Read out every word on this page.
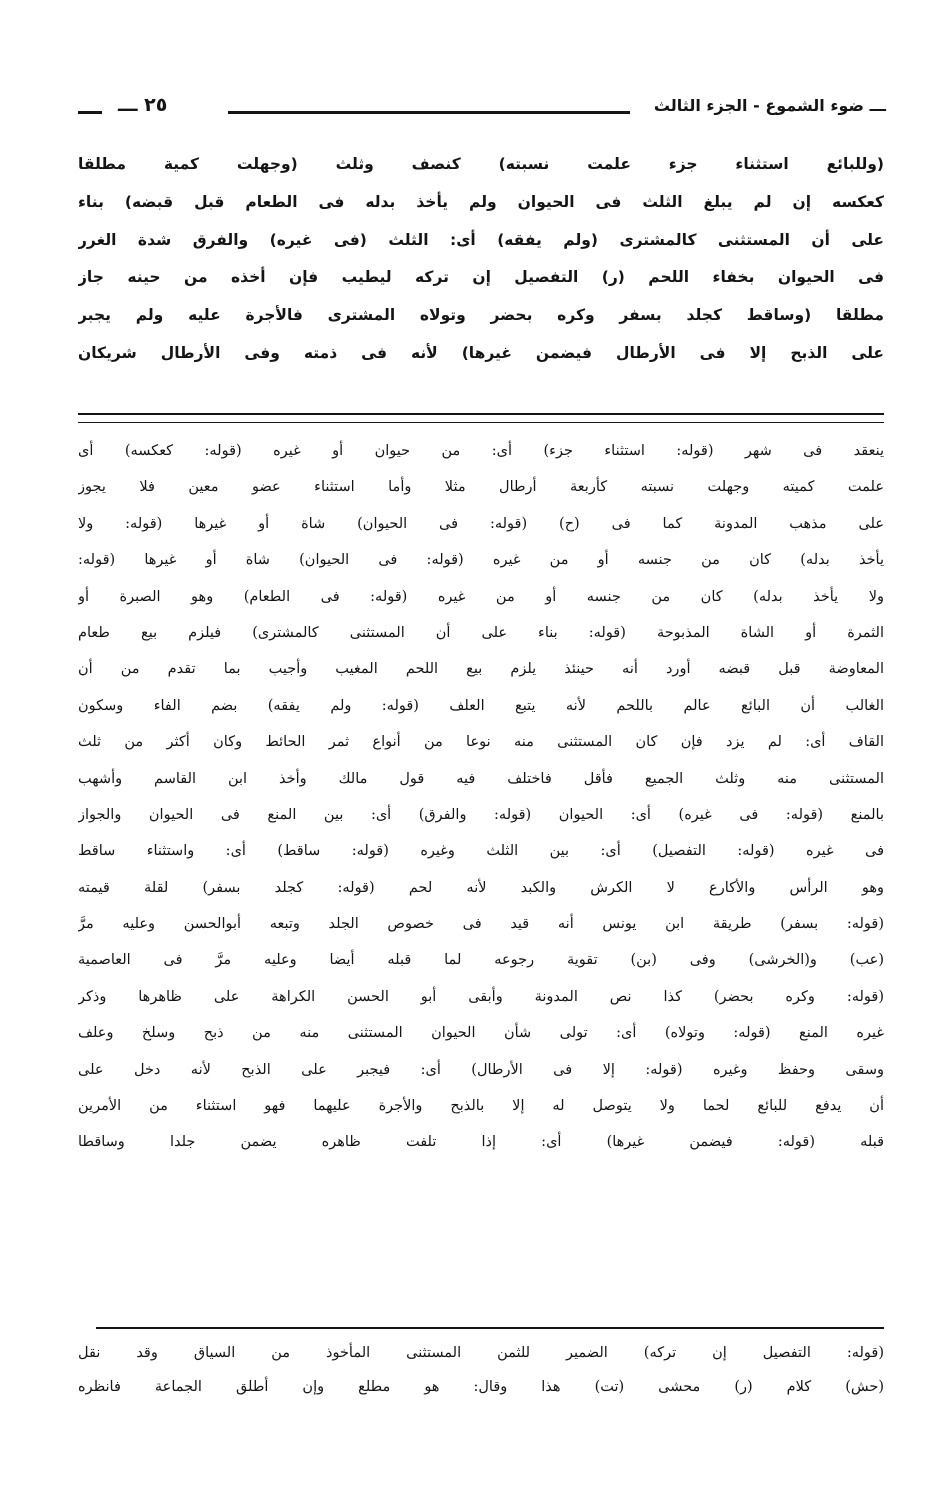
ـــ ضوء الشموع - الجزء الثالث
٢٥ ـــ
(وللبائع استثناء جزء علمت نسبته) كنصف وثلث (وجهلت كمية مطلقا
كعكسه إن لم يبلغ الثلث فى الحيوان ولم يأخذ بدله فى الطعام قبل قبضه) بناء
على أن المستثنى كالمشترى (ولم يفقه) أى: الثلث (فى غيره) والفرق شدة الغرر
فى الحيوان بخفاء اللحم (ر) التفصيل إن تركه ليطيب فإن أخذه من حينه جاز
مطلقا (وساقط كجلد بسفر وكره بحضر وتولاه المشترى فالأجرة عليه ولم يجبر
على الذبح إلا فى الأرطال فيضمن غيرها) لأنه فى ذمته وفى الأرطال شريكان
ينعقد فى شهر (قوله: استثناء جزء) أى: من حيوان أو غيره (قوله: كعكسه) أى
علمت كميته وجهلت نسبته كأربعة أرطال مثلا وأما استثناء عضو معين فلا يجوز
على مذهب المدونة كما فى (ح) (قوله: فى الحيوان) شاة أو غيرها (قوله: ولا
يأخذ بدله) كان من جنسه أو من غيره (قوله: فى الحيوان) شاة أو غيرها (قوله:
ولا يأخذ بدله) كان من جنسه أو من غيره (قوله: فى الطعام) وهو الصبرة أو
الثمرة أو الشاة المذبوحة (قوله: بناء على أن المستثنى كالمشترى) فيلزم بيع طعام
المعاوضة قبل قبضه أورد أنه حينئذ يلزم بيع اللحم المغيب وأجيب بما تقدم من أن
الغالب أن البائع عالم باللحم لأنه يتبع العلف (قوله: ولم يفقه) بضم الفاء وسكون
القاف أى: لم يزد فإن كان المستثنى منه نوعا من أنواع ثمر الحائط وكان أكثر من ثلث
المستثنى منه وثلث الجميع فأقل فاختلف فيه قول مالك وأخذ ابن القاسم وأشهب
بالمنع (قوله: فى غيره) أى: الحيوان (قوله: والفرق) أى: بين المنع فى الحيوان والجواز
فى غيره (قوله: التفصيل) أى: بين الثلث وغيره (قوله: ساقط) أى: واستثناء ساقط
وهو الرأس والأكارع لا الكرش والكبد لأنه لحم (قوله: كجلد بسفر) لقلة قيمته
(قوله: بسفر) طريقة ابن يونس أنه قيد فى خصوص الجلد وتبعه أبوالحسن وعليه مرَّ
(عب) و(الخرشى) وفى (بن) تقوية رجوعه لما قبله أيضا وعليه مرَّ فى العاصمية
(قوله: وكره بحضر) كذا نص المدونة وأبقى أبو الحسن الكراهة على ظاهرها وذكر
غيره المنع (قوله: وتولاه) أى: تولى شأن الحيوان المستثنى منه من ذبح وسلخ وعلف
وسقى وحفظ وغيره (قوله: إلا فى الأرطال) أى: فيجبر على الذبح لأنه دخل على
أن يدفع للبائع لحما ولا يتوصل له إلا بالذبح والأجرة عليهما فهو استثناء من الأمرين
قبله (قوله: فيضمن غيرها) أى: إذا تلفت ظاهره يضمن جلدا وساقطا
(قوله: التفصيل إن تركه) الضمير للثمن المستثنى المأخوذ من السياق وقد نقل
(حش) كلام (ر) محشى (تت) هذا وقال: هو مطلع وإن أطلق الجماعة فانظره
